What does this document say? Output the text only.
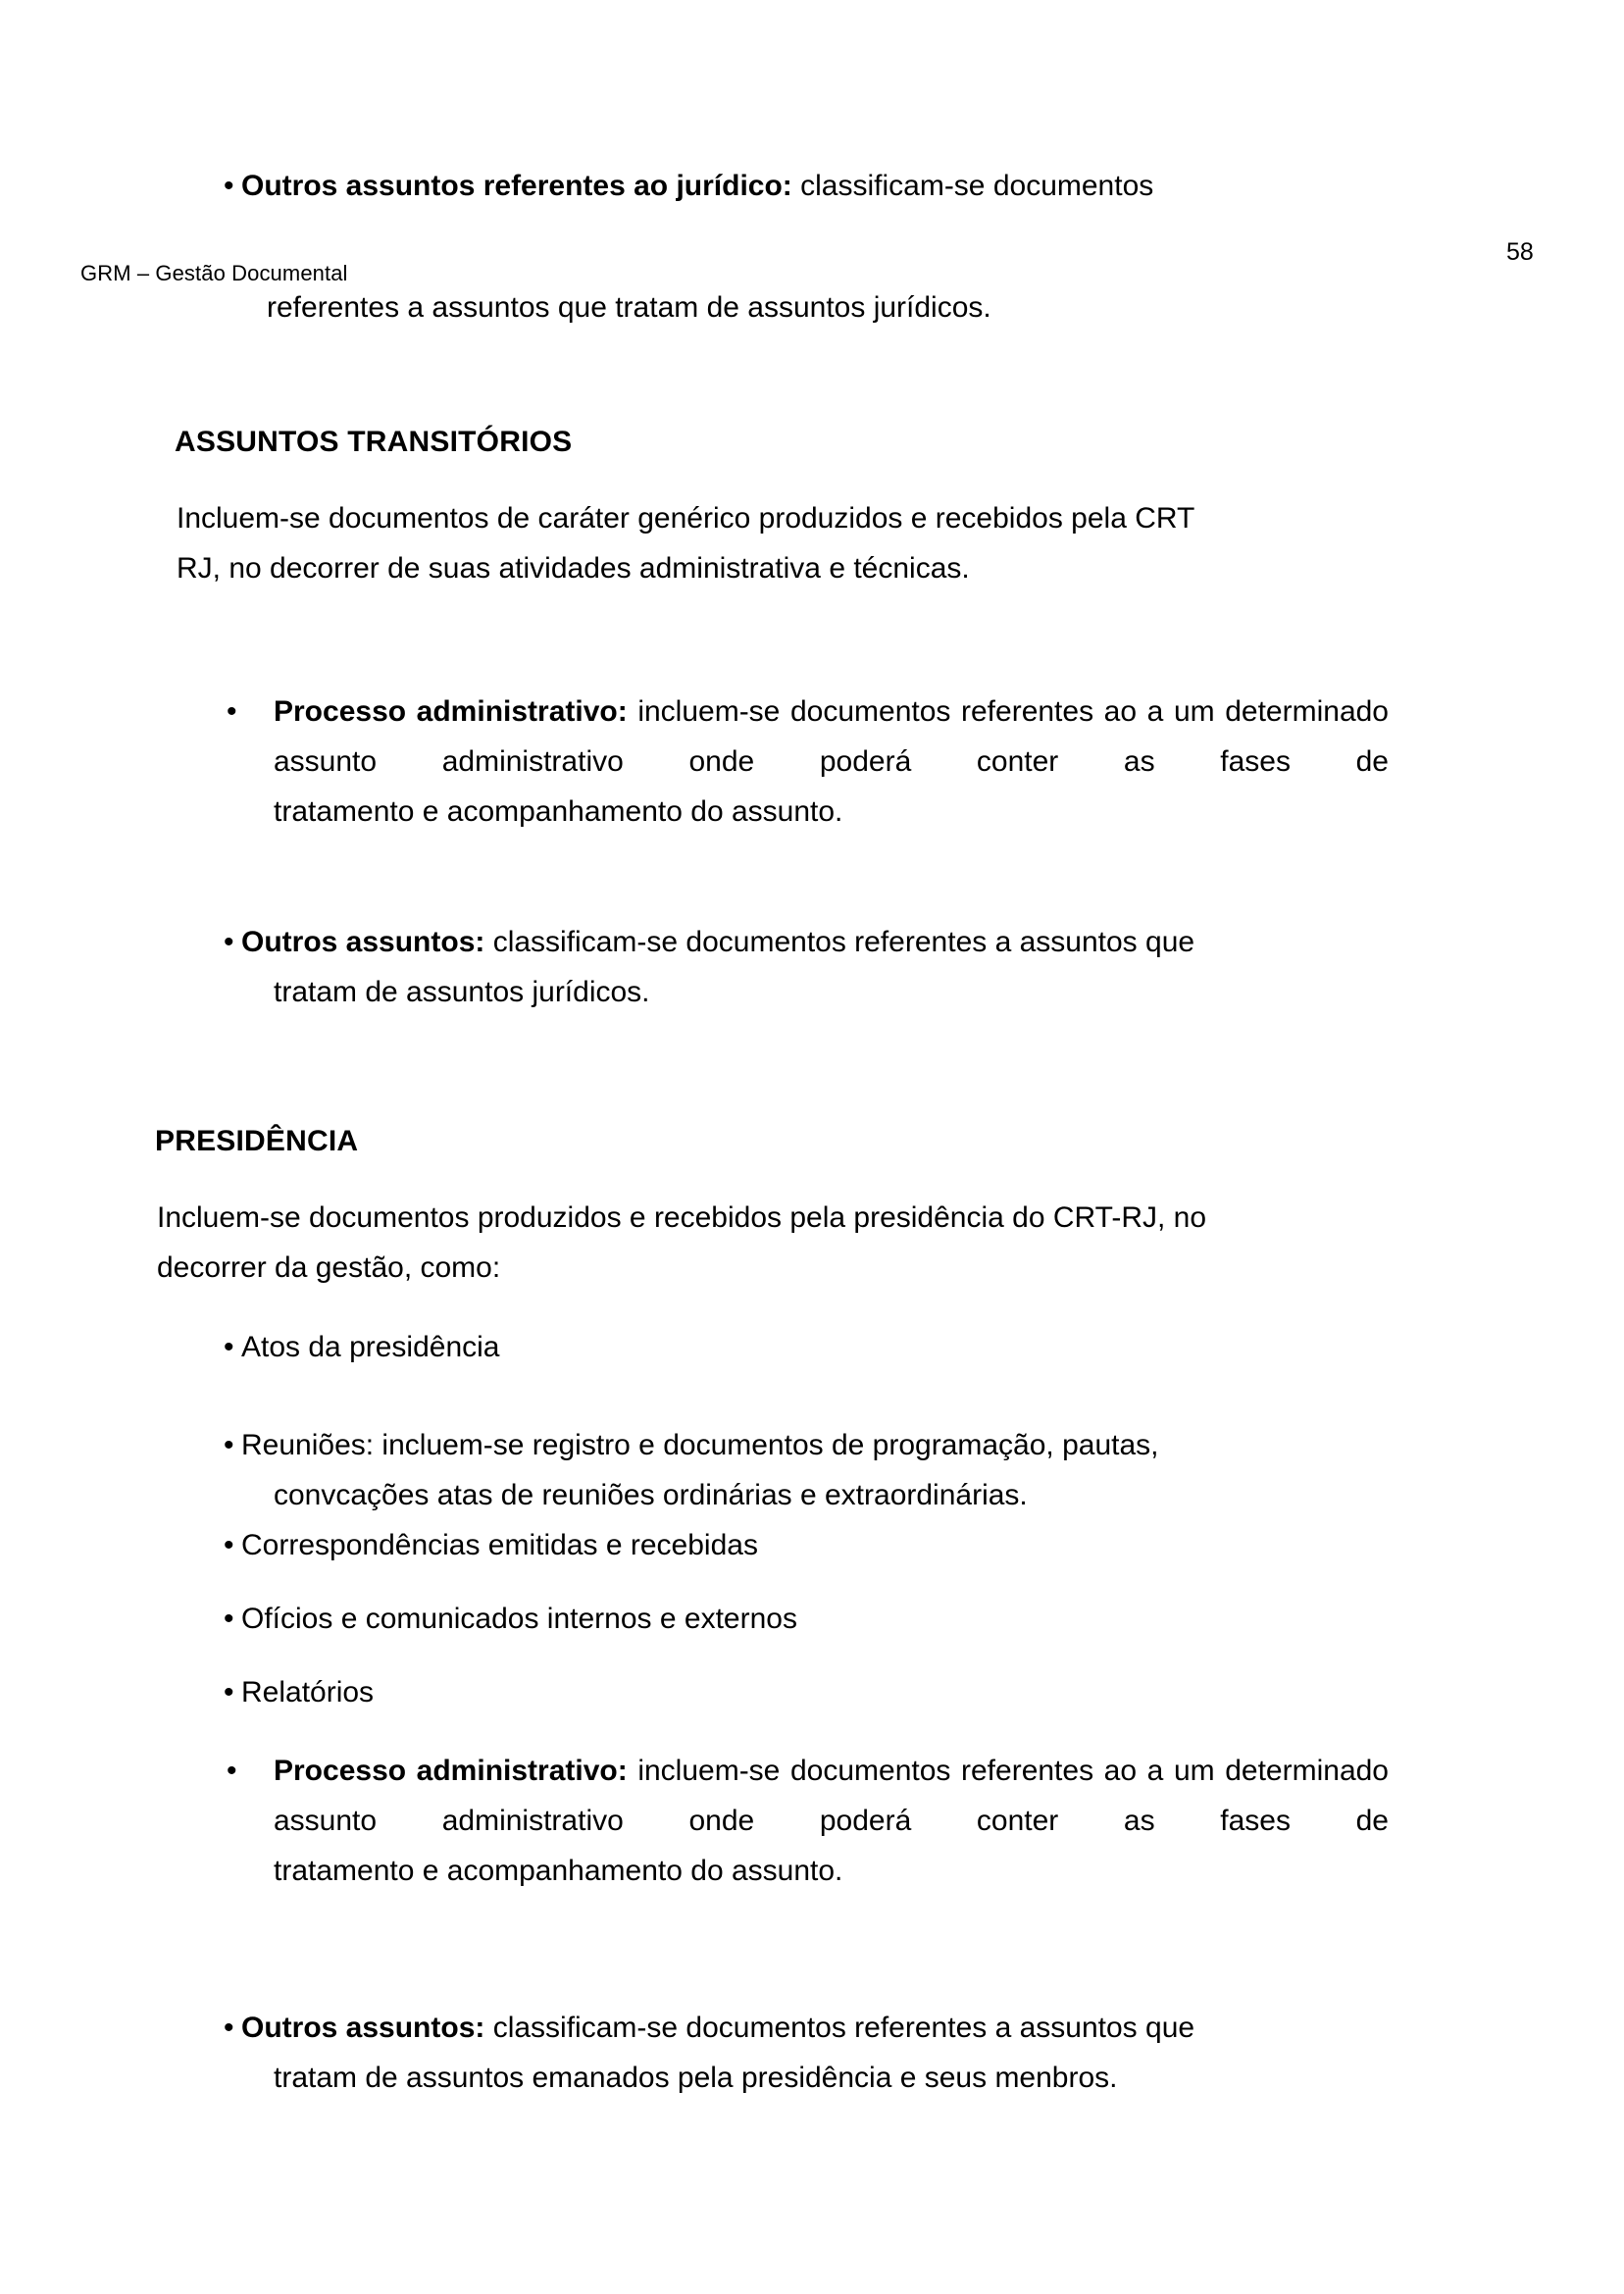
• Outros assuntos referentes ao jurídico: classificam-se documentos
GRM – Gestão Documental
58
referentes a assuntos que tratam de assuntos jurídicos.
ASSUNTOS TRANSITÓRIOS
Incluem-se documentos de caráter genérico produzidos e recebidos pela CRT
RJ, no decorrer de suas atividades administrativa e técnicas.
•	Processo administrativo: incluem-se documentos referentes ao a um determinado assunto administrativo onde poderá conter as fases de
tratamento e acompanhamento do assunto.
• Outros assuntos: classificam-se documentos referentes a assuntos que
tratam de assuntos jurídicos.
PRESIDÊNCIA
Incluem-se documentos produzidos e recebidos pela presidência do CRT-RJ, no
decorrer da gestão, como:
• Atos da presidência
• Reuniões: incluem-se registro e documentos de programação, pautas,
convcações atas de reuniões ordinárias e extraordinárias.
• Correspondências emitidas e recebidas
• Ofícios e comunicados internos e externos
• Relatórios
•	Processo administrativo: incluem-se documentos referentes ao a um determinado assunto administrativo onde poderá conter as fases de
tratamento e acompanhamento do assunto.
• Outros assuntos: classificam-se documentos referentes a assuntos que
tratam de assuntos emanados pela presidência e seus menbros.
